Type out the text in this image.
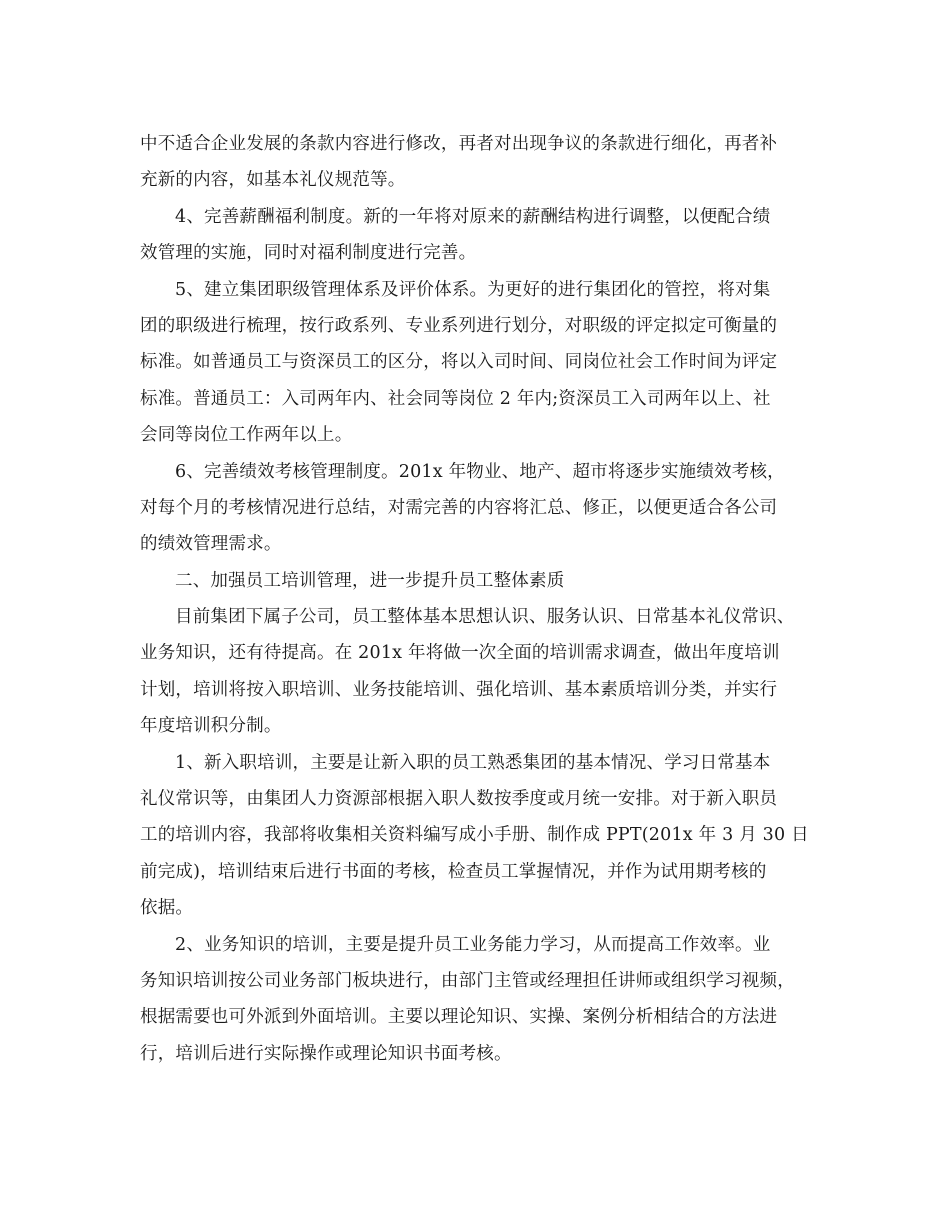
中不适合企业发展的条款内容进行修改，再者对出现争议的条款进行细化，再者补
充新的内容，如基本礼仪规范等。
4、完善薪酬福利制度。新的一年将对原来的薪酬结构进行调整，以便配合绩
效管理的实施，同时对福利制度进行完善。
5、建立集团职级管理体系及评价体系。为更好的进行集团化的管控，将对集
团的职级进行梳理，按行政系列、专业系列进行划分，对职级的评定拟定可衡量的
标准。如普通员工与资深员工的区分，将以入司时间、同岗位社会工作时间为评定
标准。普通员工：入司两年内、社会同等岗位 2 年内;资深员工入司两年以上、社
会同等岗位工作两年以上。
6、完善绩效考核管理制度。201x 年物业、地产、超市将逐步实施绩效考核，
对每个月的考核情况进行总结，对需完善的内容将汇总、修正，以便更适合各公司
的绩效管理需求。
二、加强员工培训管理，进一步提升员工整体素质
目前集团下属子公司，员工整体基本思想认识、服务认识、日常基本礼仪常识、
业务知识，还有待提高。在 201x 年将做一次全面的培训需求调查，做出年度培训
计划，培训将按入职培训、业务技能培训、强化培训、基本素质培训分类，并实行
年度培训积分制。
1、新入职培训，主要是让新入职的员工熟悉集团的基本情况、学习日常基本
礼仪常识等，由集团人力资源部根据入职人数按季度或月统一安排。对于新入职员
工的培训内容，我部将收集相关资料编写成小手册、制作成 PPT(201x 年 3 月 30 日
前完成)，培训结束后进行书面的考核，检查员工掌握情况，并作为试用期考核的
依据。
2、业务知识的培训，主要是提升员工业务能力学习，从而提高工作效率。业
务知识培训按公司业务部门板块进行，由部门主管或经理担任讲师或组织学习视频，
根据需要也可外派到外面培训。主要以理论知识、实操、案例分析相结合的方法进
行，培训后进行实际操作或理论知识书面考核。
